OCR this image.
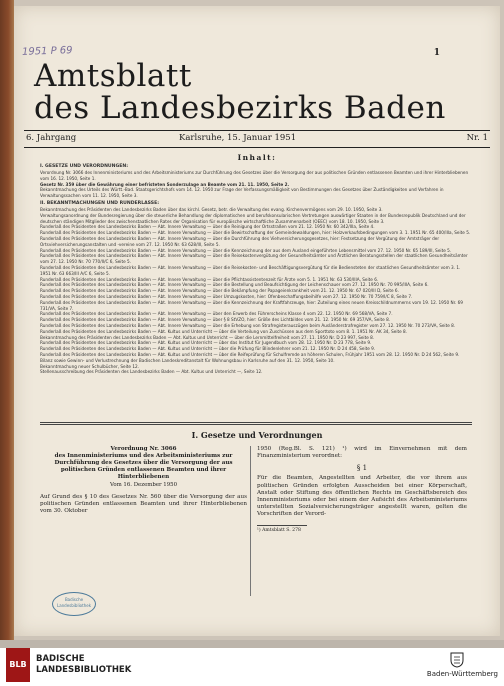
1951 P 69	1
Amtsblatt
des Landesbezirks Baden
6. Jahrgang	Karlsruhe, 15. Januar 1951	Nr. 1
Inhalt:
I. GESETZE UND VERORDNUNGEN:
Verordnung Nr. 3066 des Innenministeriums und des Arbeitsministeriums zur Durchführung des Gesetzes über die Versorgung der aus politischen Gründen entlassenen Beamten und ihrer Hinterbliebenen vom 16. 12. 1950, Seite 1.
Gesetz Nr. 359 über die Gewährung einer befristeten Sonderzulage an Beamte vom 21. 11. 1950, Seite 2.
Bekanntmachung des Urteils des Württ.-Bad. Staatsgerichtshofs vom 14. 12. 1950 zur Frage der Verfassungsmäßigkeit von Bestimmungen des Gesetzes über Zuständigkeiten und Verfahren in Verwaltungssachen vom 11. 12. 1950, Seite 3.
II. BEKANNTMACHUNGEN UND RUNDERLASSE:
Bekanntmachung des Präsidenten des Landesbezirks Baden über das kirchl. Gesetz, betr. die Verwaltung des evang. Kirchenvermögens vom 29. 10. 1950, Seite 3.
Verwaltungsanordnung der Bundesregierung über die steuerliche Behandlung der diplomatischen und berufskonsularischen Vertretungen auswärtiger Staaten in der Bundesrepublik Deutschland und der deutschen ständigen Mitglieder des zwischenstaatlichen Rates der Organisation für europäische wirtschaftliche Zusammenarbeit (OEEC) vom 18. 10. 1950, Seite 3.
Runderlaß des Präsidenten des Landesbezirks Baden — Abt. Innere Verwaltung — über die Reinigung der Ortsstraßen vom 21. 12. 1950 Nr. 60 342/IIIa, Seite 4.
Runderlaß des Präsidenten des Landesbezirks Baden — Abt. Innere Verwaltung — über die Bewirtschaftung der Gemeindewaldungen, hier: Holzverkaufsbedingungen vom 3. 1. 1951 Nr. 65 400/IIIa, Seite 5.
Runderlaß des Präsidenten des Landesbezirks Baden — Abt. Innere Verwaltung — über die Durchführung des Viehversicherungsgesetzes, hier: Festsetzung der Vergütung der Amtsträger der Ortsviehversicherungsanstalten und -vereine vom 27. 12. 1950 Nr. 63 628/III, Seite 5.
Runderlaß des Präsidenten des Landesbezirks Baden — Abt. Innere Verwaltung — über die Kennzeichnung der aus dem Ausland eingeführten Lebensmittel vom 27. 12. 1950 Nr. 65 189/III, Seite 5.
Runderlaß des Präsidenten des Landesbezirks Baden — Abt. Innere Verwaltung — über die Reisekostenvergütung der Gesundheitsämter und Ärztlichen Beratungsstellen der staatlichen Gesundheitsämter vom 27. 12. 1950 Nr. 70 770/II/C 6, Seite 5.
Runderlaß des Präsidenten des Landesbezirks Baden — Abt. Innere Verwaltung — über die Reisekosten- und Beschäftigungsvergütung für die Bediensteten der staatlichen Gesundheitsämter vom 3. 1. 1951 Nr. 63 663/III A/C 6, Seite 5.
Runderlaß des Präsidenten des Landesbezirks Baden — Abt. Innere Verwaltung — über die Pflichtassistentenzeit für Ärzte vom 5. 1. 1951 Nr. 63 530/IIIA, Seite 6.
Runderlaß des Präsidenten des Landesbezirks Baden — Abt. Innere Verwaltung — über die Bestellung und Beaufsichtigung der Leichenschauer vom 27. 12. 1950 Nr. 70 995/IIIA, Seite 6.
Runderlaß des Präsidenten des Landesbezirks Baden — Abt. Innere Verwaltung — über die Bekämpfung der Papageienkrankheit vom 21. 12. 1950 Nr. 67 020/III D, Seite 6.
Runderlaß des Präsidenten des Landesbezirks Baden — Abt. Innere Verwaltung — über Umzugskosten, hier: Ofenbeschaffungsbeihilfe vom 27. 12. 1950 Nr. 70 759/I/C 8, Seite 7.
Runderlaß des Präsidenten des Landesbezirks Baden — Abt. Innere Verwaltung — über die Kennzeichnung der Kraftfahrzeuge, hier: Zuteilung eines neuen Kreisschildnummerns vom 19. 12. 1950 Nr. 69 731/VA, Seite 7.
Runderlaß des Präsidenten des Landesbezirks Baden — Abt. Innere Verwaltung — über den Erwerb des Führerscheins Klasse 4 vom 22. 12. 1950 Nr. 69 568/VA, Seite 7.
Runderlaß des Präsidenten des Landesbezirks Baden — Abt. Innere Verwaltung — über § 8 StVZO, hier: Größe des Lichtbildes vom 21. 12. 1950 Nr. 69 357/VA, Seite 8.
Runderlaß des Präsidenten des Landesbezirks Baden — Abt. Innere Verwaltung — über die Erhebung von Strafregisterauszügen beim Ausländerstrafregister vom 27. 12. 1950 Nr. 70 273/VA, Seite 8.
Runderlaß des Präsidenten des Landesbezirks Baden — Abt. Kultus und Unterricht — über die Verteilung von Zuschüssen aus dem Sporttoto vom 8. 1. 1951 Nr. AK 34, Seite 8.
Bekanntmachung des Präsidenten des Landesbezirks Baden — Abt. Kultus und Unterricht — über die Lernmittelfreiheit vom 27. 11. 1950 Nr. D 23 997, Seite 8.
Runderlaß des Präsidenten des Landesbezirks Baden — Abt. Kultus und Unterricht — über das Institut für Jugendbuch vom 28. 12. 1950 Nr. D 23 778, Seite 9.
Runderlaß des Präsidenten des Landesbezirks Baden — Abt. Kultus und Unterricht — über die Prüfung für Blindenlehrer vom 21. 12. 1950 Nr. D 24 458, Seite 9.
Runderlaß des Präsidenten des Landesbezirks Baden — Abt. Kultus und Unterricht — über die Reifeprüfung für Schulfremde an höheren Schulen, Frühjahr 1951 vom 28. 12. 1950 Nr. D 24 562, Seite 9.
Bilanz sowie Gewinn- und Verlustrechnung der Badischen Landeskreditanstalt für Wohnungsbau in Karlsruhe auf den 31. 12. 1950, Seite 10.
Bekanntmachung neuer Schulbücher, Seite 12.
Stellenausschreibung des Präsidenten des Landesbezirks Baden — Abt. Kultus und Unterricht —, Seite 12.
I. Gesetze und Verordnungen
Verordnung Nr. 3066
des Innenministeriums und des Arbeitsministeriums zur Durchführung des Gesetzes über die Versorgung der aus politischen Gründen entlassenen Beamten und ihrer Hinterbliebenen
Vom 16. Dezember 1950
Auf Grund des § 10 des Gesetzes Nr. 560 über die Versorgung der aus politischen Gründen entlassenen Beamten und ihrer Hinterbliebenen vom 30. Oktober
1950 (Reg.Bl. S. 121) ¹) wird im Einvernehmen mit dem Finanzministerium verordnet:
§ 1
Für die Beamten, Angestellten und Arbeiter, die vor ihrem aus politischen Gründen erfolgten Ausscheiden bei einer Körperschaft, Anstalt oder Stiftung des öffentlichen Rechts im Geschäftsbereich des Innenministeriums oder bei einem der Aufsicht des Arbeitsministeriums unterstellten Sozialversicherungsträger angestellt waren, gelten die Vorschriften der Verord-
¹) Amtsblatt S. 278
Badische Landesbibliothek
BLB
BADISCHE
LANDESBIBLIOTHEK	Baden-Württemberg
